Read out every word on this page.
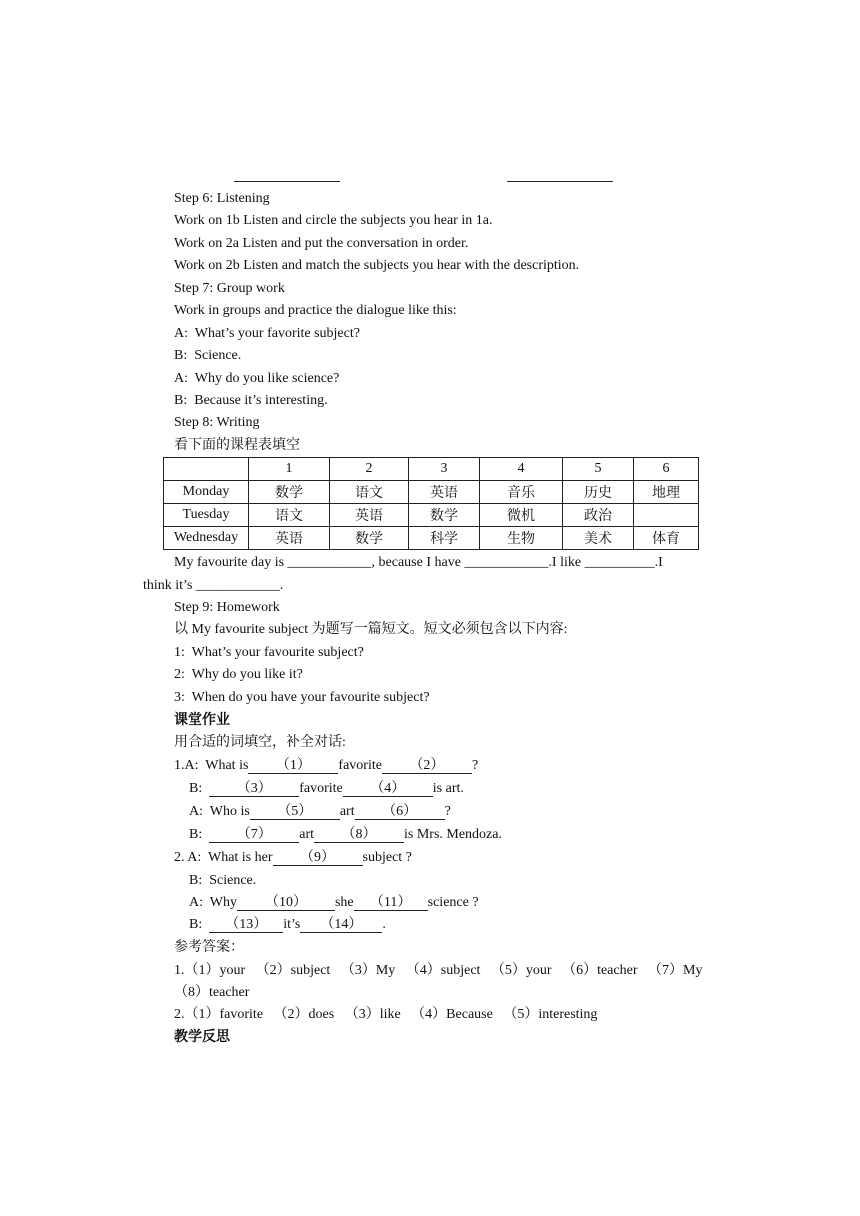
Step 6: Listening
Work on 1b Listen and circle the subjects you hear in 1a.
Work on 2a Listen and put the conversation in order.
Work on 2b Listen and match the subjects you hear with the description.
Step 7: Group work
Work in groups and practice the dialogue like this:
A:  What’s your favorite subject?
B:  Science.
A:  Why do you like science?
B:  Because it’s interesting.
Step 8: Writing
看下面的课程表填空
	1	2	3	4	5	6
Monday	数学	语文	英语	音乐	历史	地理
Tuesday	语文	英语	数学	微机	政治	
Wednesday	英语	数学	科学	生物	美术	体育
My favourite day is ____________, because I have ____________.I like __________.I
think it’s ____________.
Step 9: Homework
以 My favourite subject 为题写一篇短文。短文必须包含以下内容:
1:  What’s your favourite subject?
2:  Why do you like it?
3:  When do you have your favourite subject?
课堂作业
用合适的词填空，补全对话:
1.A:  What is （1） favorite （2） ?
B:  （3） favorite （4） is art.
A:  Who is （5） art （6） ?
B:  （7） art （8） is Mrs. Mendoza.
2. A:  What is her （9） subject ?
B:  Science.
A:  Why （10） she （11） science ?
B:  （13） it’s （14） .
参考答案：
1.（1）your   （2）subject   （3）My   （4）subject   （5）your   （6）teacher   （7）My
（8）teacher
2.（1）favorite   （2）does   （3）like   （4）Because   （5）interesting
教学反思
